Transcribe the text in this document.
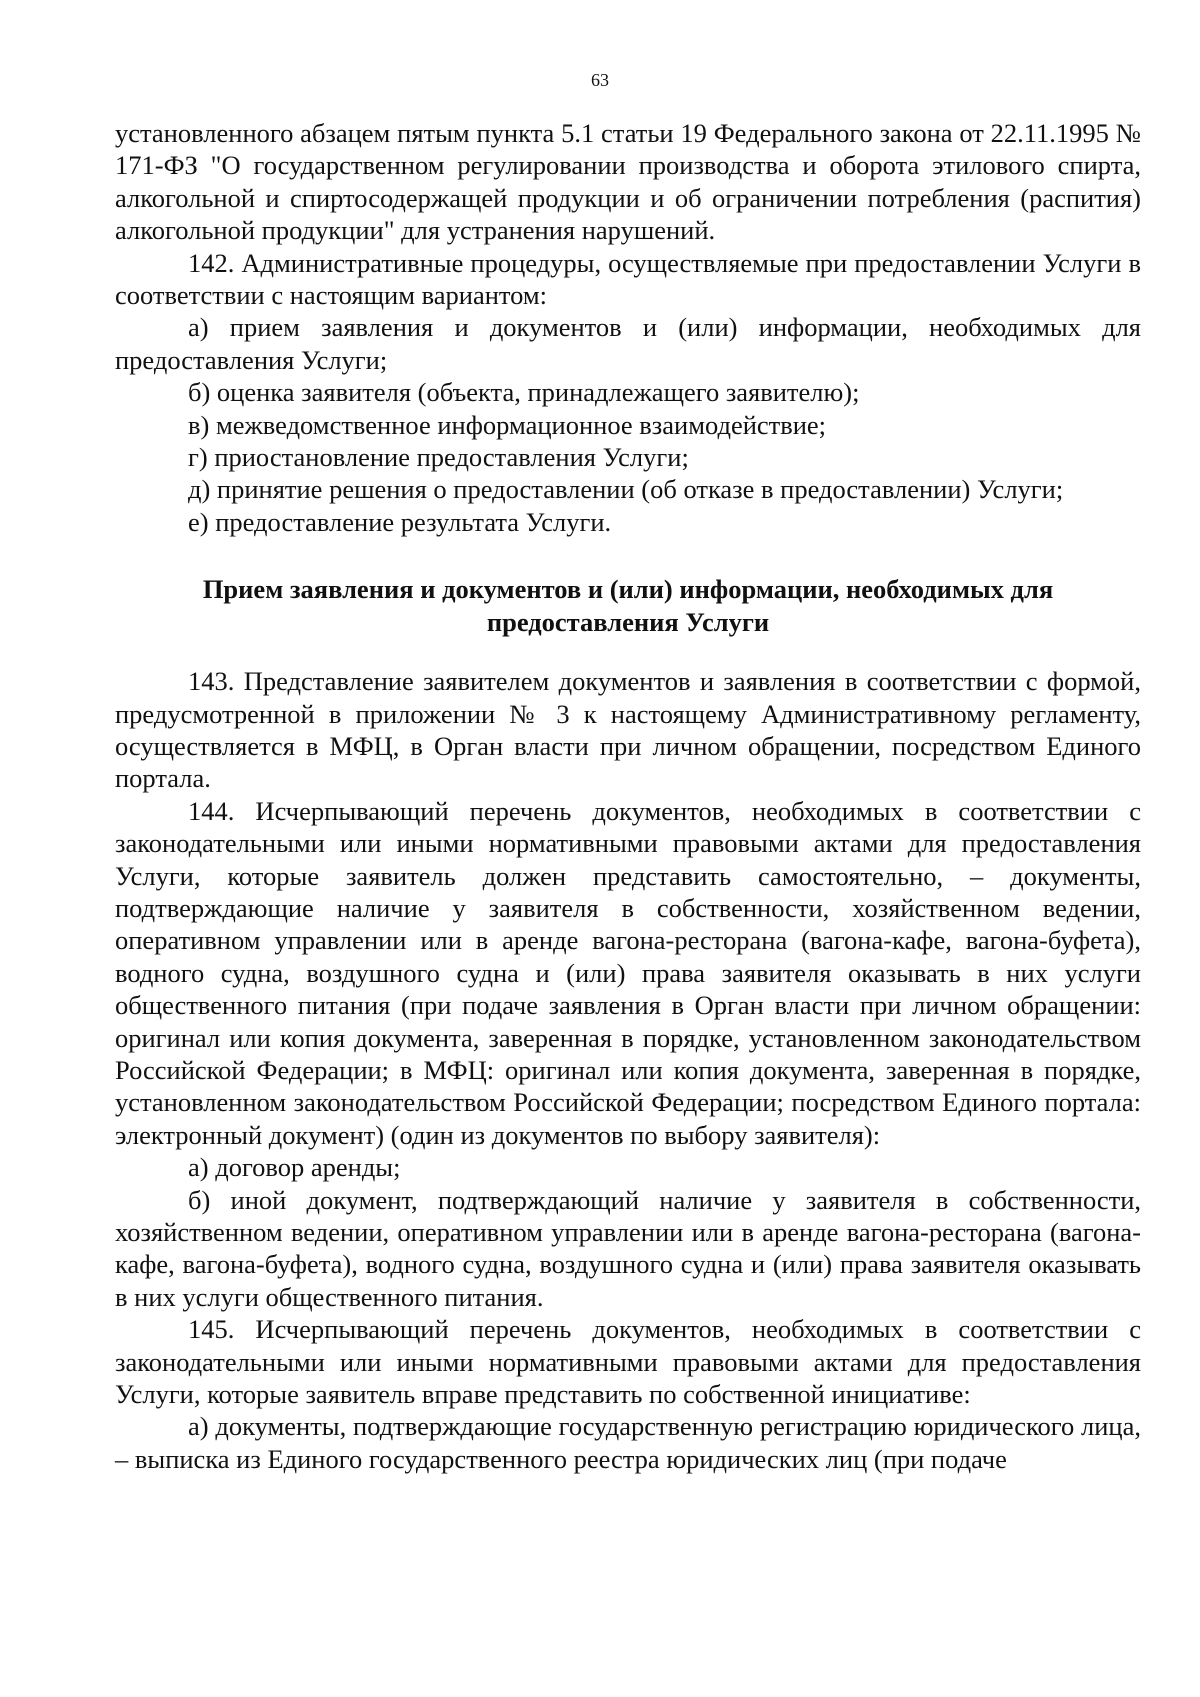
63

установленного абзацем пятым пункта 5.1 статьи 19 Федерального закона от 22.11.1995 № 171-ФЗ "О государственном регулировании производства и оборота этилового спирта, алкогольной и спиртосодержащей продукции и об ограничении потребления (распития) алкогольной продукции" для устранения нарушений.

142. Административные процедуры, осуществляемые при предоставлении Услуги в соответствии с настоящим вариантом:

а) прием заявления и документов и (или) информации, необходимых для предоставления Услуги;

б) оценка заявителя (объекта, принадлежащего заявителю);

в) межведомственное информационное взаимодействие;

г) приостановление предоставления Услуги;

д) принятие решения о предоставлении (об отказе в предоставлении) Услуги;

е) предоставление результата Услуги.

Прием заявления и документов и (или) информации, необходимых для предоставления Услуги

143. Представление заявителем документов и заявления в соответствии с формой, предусмотренной в приложении № 3 к настоящему Административному регламенту, осуществляется в МФЦ, в Орган власти при личном обращении, посредством Единого портала.

144. Исчерпывающий перечень документов, необходимых в соответствии с законодательными или иными нормативными правовыми актами для предоставления Услуги, которые заявитель должен представить самостоятельно, – документы, подтверждающие наличие у заявителя в собственности, хозяйственном ведении, оперативном управлении или в аренде вагона-ресторана (вагона-кафе, вагона-буфета), водного судна, воздушного судна и (или) права заявителя оказывать в них услуги общественного питания (при подаче заявления в Орган власти при личном обращении: оригинал или копия документа, заверенная в порядке, установленном законодательством Российской Федерации; в МФЦ: оригинал или копия документа, заверенная в порядке, установленном законодательством Российской Федерации; посредством Единого портала: электронный документ) (один из документов по выбору заявителя):

а) договор аренды;

б) иной документ, подтверждающий наличие у заявителя в собственности, хозяйственном ведении, оперативном управлении или в аренде вагона-ресторана (вагона-кафе, вагона-буфета), водного судна, воздушного судна и (или) права заявителя оказывать в них услуги общественного питания.

145. Исчерпывающий перечень документов, необходимых в соответствии с законодательными или иными нормативными правовыми актами для предоставления Услуги, которые заявитель вправе представить по собственной инициативе:

а) документы, подтверждающие государственную регистрацию юридического лица, – выписка из Единого государственного реестра юридических лиц (при подаче
